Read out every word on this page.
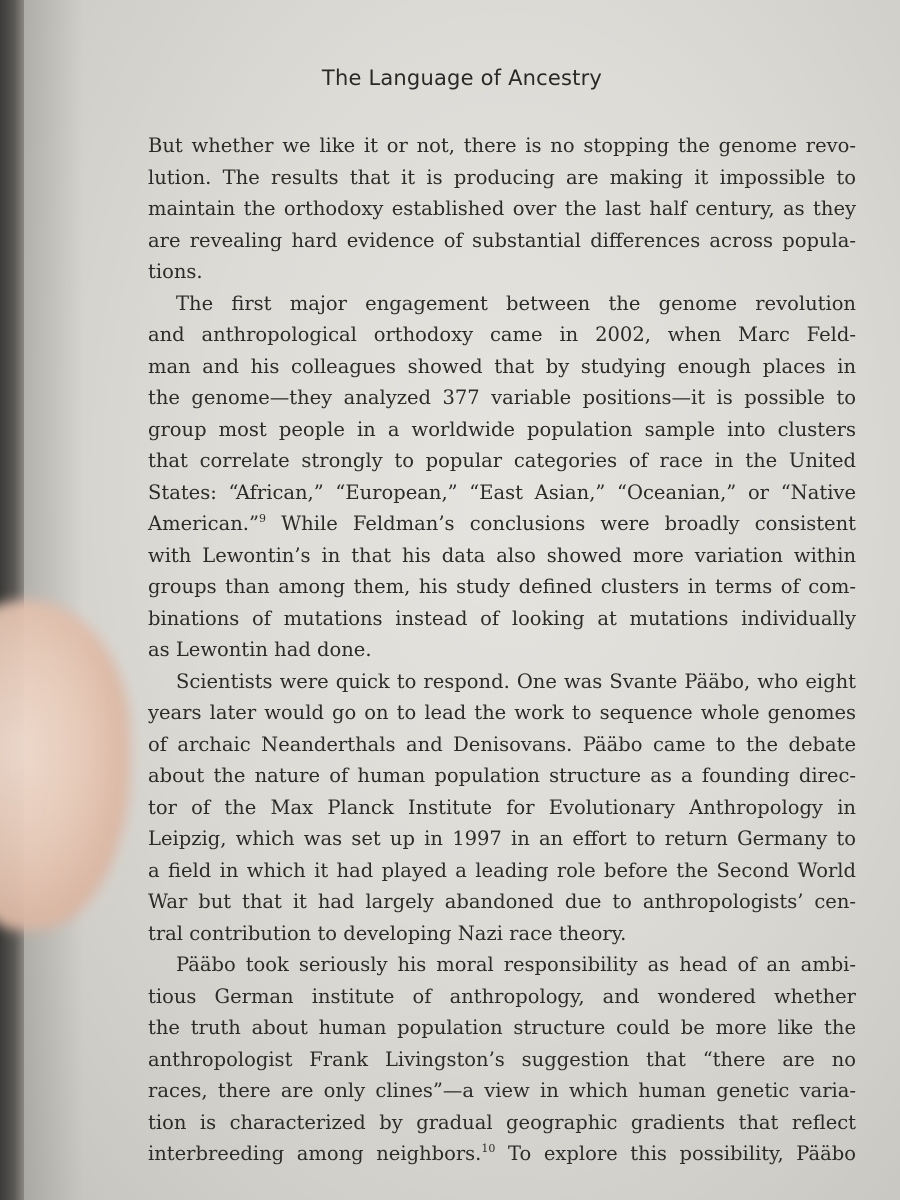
The Language of Ancestry
But whether we like it or not, there is no stopping the genome revo-
lution. The results that it is producing are making it impossible to
maintain the orthodoxy established over the last half century, as they
are revealing hard evidence of substantial differences across popula-
tions.
The first major engagement between the genome revolution
and anthropological orthodoxy came in 2002, when Marc Feld-
man and his colleagues showed that by studying enough places in
the genome—they analyzed 377 variable positions—it is possible to
group most people in a worldwide population sample into clusters
that correlate strongly to popular categories of race in the United
States: “African,” “European,” “East Asian,” “Oceanian,” or “Native
American.”$^9$ While Feldman’s conclusions were broadly consistent
with Lewontin’s in that his data also showed more variation within
groups than among them, his study defined clusters in terms of com-
binations of mutations instead of looking at mutations individually
as Lewontin had done.
Scientists were quick to respond. One was Svante Pääbo, who eight
years later would go on to lead the work to sequence whole genomes
of archaic Neanderthals and Denisovans. Pääbo came to the debate
about the nature of human population structure as a founding direc-
tor of the Max Planck Institute for Evolutionary Anthropology in
Leipzig, which was set up in 1997 in an effort to return Germany to
a field in which it had played a leading role before the Second World
War but that it had largely abandoned due to anthropologists’ cen-
tral contribution to developing Nazi race theory.
Pääbo took seriously his moral responsibility as head of an ambi-
tious German institute of anthropology, and wondered whether
the truth about human population structure could be more like the
anthropologist Frank Livingston’s suggestion that “there are no
races, there are only clines”—a view in which human genetic varia-
tion is characterized by gradual geographic gradients that reflect
interbreeding among neighbors.$^{10}$ To explore this possibility, Pääbo
